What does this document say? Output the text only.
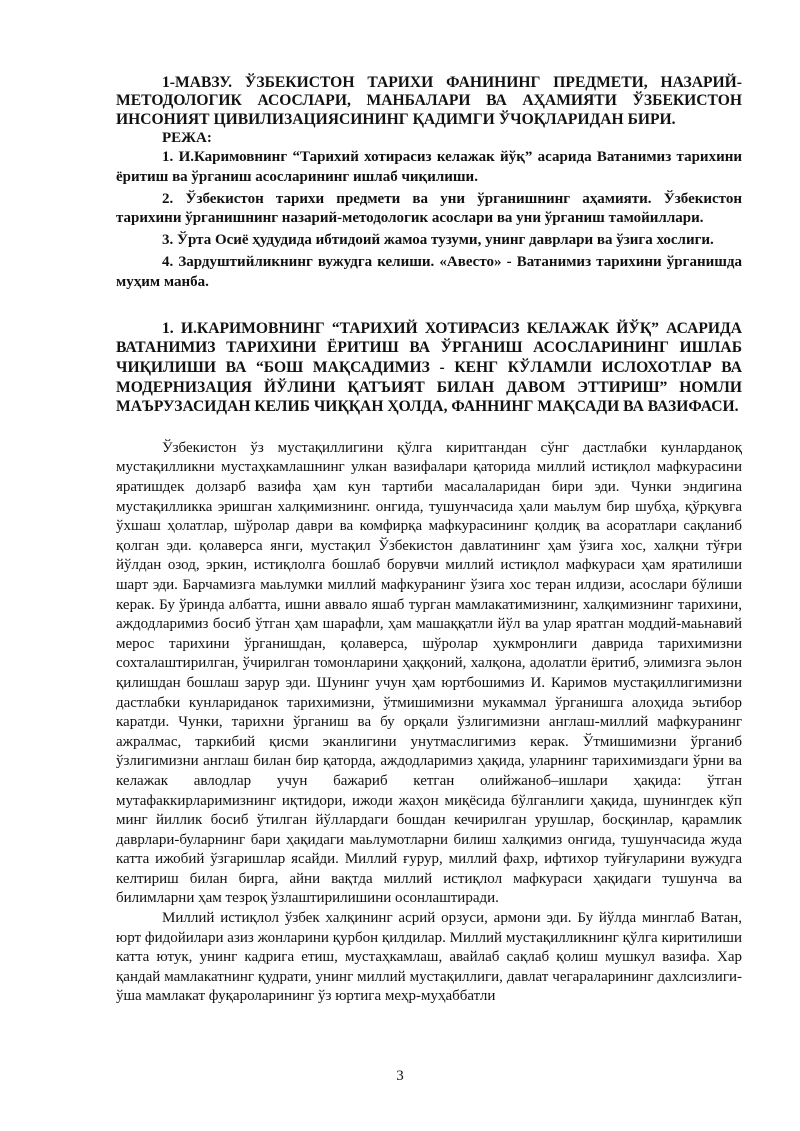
1-МАВЗУ. ЎЗБЕКИСТОН ТАРИХИ ФАНИНИНГ ПРЕДМЕТИ, НАЗАРИЙ-МЕТОДОЛОГИК АСОСЛАРИ, МАНБАЛАРИ ВА АҲАМИЯТИ ЎЗБЕКИСТОН ИНСОНИЯТ ЦИВИЛИЗАЦИЯСИНИНГ ҚАДИМГИ ЎЧОҚЛАРИДАН БИРИ.

РЕЖА:

1. И.Каримовнинг “Тарихий хотирасиз келажак йўқ” асарида Ватанимиз тарихини ёритиш ва ўрганиш асосларининг ишлаб чиқилиши.

2. Ўзбекистон тарихи предмети ва уни ўрганишнинг аҳамияти. Ўзбекистон тарихини ўрганишнинг назарий-методологик асослари ва уни ўрганиш тамойиллари.

3. Ўрта Осиё ҳудудида ибтидоий жамоа тузуми, унинг даврлари ва ўзига хослиги.

4. Зардуштийликнинг вужудга келиши. «Авесто» - Ватанимиз тарихини ўрганишда муҳим манба.

1. И.КАРИМОВНИНГ “ТАРИХИЙ ХОТИРАСИЗ КЕЛАЖАК ЙЎҚ” АСАРИДА ВАТАНИМИЗ ТАРИХИНИ ЁРИТИШ ВА ЎРГАНИШ АСОСЛАРИНИНГ ИШЛАБ ЧИҚИЛИШИ ВА “БОШ МАҚСАДИМИЗ - КЕНГ КЎЛАМЛИ ИСЛОХОТЛАР ВА МОДЕРНИЗАЦИЯ ЙЎЛИНИ ҚАТЪИЯТ БИЛАН ДАВОМ ЭТТИРИШ” НОМЛИ МАЪРУЗАСИДАН КЕЛИБ ЧИҚҚАН ҲОЛДА, ФАННИНГ МАҚСАДИ ВА ВАЗИФАСИ.

Ўзбекистон ўз мустақиллигини қўлга киритгандан сўнг дастлабки кунларданоқ мустақилликни мустаҳкамлашнинг улкан вазифалари қаторида миллий истиқлол мафкурасини яратишдек долзарб вазифа ҳам кун тартиби масалаларидан бири эди. Чунки эндигина мустақилликка эришган халқимизнинг. онгида, тушунчасида ҳали маьлум бир шубҳа, қўрқувга ўхшаш ҳолатлар, шўролар даври ва комфирқа мафкурасининг қолдиқ ва асоратлари сақланиб қолган эди. қолаверса янги, мустақил Ўзбекистон давлатининг ҳам ўзига хос, халқни тўғри йўлдан озод, эркин, истиқлолга бошлаб борувчи миллий истиқлол мафкураси ҳам яратилиши шарт эди. Барчамизга маьлумки миллий мафкуранинг ўзига хос теран илдизи, асослари бўлиши керак. Бу ўринда албатта, ишни аввало яшаб турган мамлакатимизнинг, халқимизнинг тарихини, аждодларимиз босиб ўтган ҳам шарафли, ҳам машаққатли йўл ва улар яратган моддий-маьнавий мерос тарихини ўрганишдан, қолаверса, шўролар ҳукмронлиги даврида тарихимизни сохталаштирилган, ўчирилган томонларини ҳаққоний, халқона, адолатли ёритиб, элимизга эьлон қилишдан бошлаш зарур эди. Шунинг учун ҳам юртбошимиз И. Каримов мустақиллигимизни дастлабки кунлариданок тарихимизни, ўтмишимизни мукаммал ўрганишга алоҳида эьтибор каратди. Чунки, тарихни ўрганиш ва бу орқали ўзлигимизни англаш-миллий мафкуранинг ажралмас, таркибий қисми эканлигини унутмаслигимиз керак. Ўтмишимизни ўрганиб ўзлигимизни англаш билан бир қаторда, аждодларимиз ҳақида, уларнинг тарихимиздаги ўрни ва келажак авлодлар учун бажариб кетган олийжаноб–ишлари ҳақида: ўтган мутафаккирларимизнинг иқтидори, ижоди жаҳон миқёсида бўлганлиги ҳақида, шунингдек кўп минг йиллик босиб ўтилган йўллардаги бошдан кечирилган урушлар, босқинлар, қарамлик даврлари-буларнинг бари ҳақидаги маьлумотларни билиш халқимиз онгида, тушунчасида жуда катта ижобий ўзгаришлар ясайди. Миллий ғурур, миллий фахр, ифтихор туйғуларини вужудга келтириш билан бирга, айни вақтда миллий истиқлол мафкураси ҳақидаги тушунча ва билимларни ҳам тезроқ ўзлаштирилишини осонлаштиради.

Миллий истиқлол ўзбек халқининг асрий орзуси, армони эди. Бу йўлда минглаб Ватан, юрт фидойилари азиз жонларини қурбон қилдилар. Миллий мустақилликнинг қўлга киритилиши катта ютук, унинг кадрига етиш, мустаҳкамлаш, авайлаб сақлаб қолиш мушкул вазифа. Хар қандай мамлакатнинг қудрати, унинг миллий мустақиллиги, давлат чегараларининг дахлсизлиги-ўша мамлакат фуқароларининг ўз юртига меҳр-муҳаббатли

3
